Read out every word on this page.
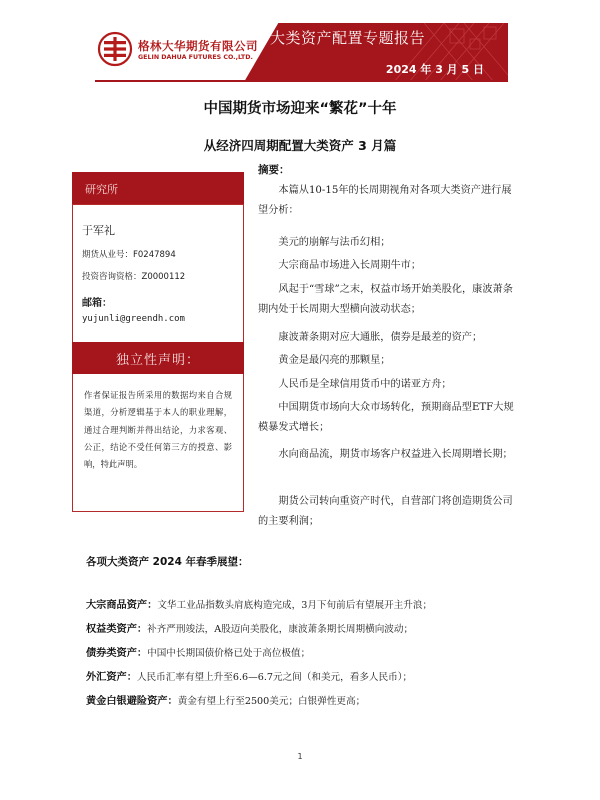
格林大华期货有限公司
GELIN DAHUA FUTURES CO.,LTD.
大类资产配置专题报告
2024 年 3 月 5 日
中国期货市场迎来“繁花”十年
从经济四周期配置大类资产 3 月篇
研究所
于军礼
期货从业号：F0247894
投资咨询资格：Z0000112
邮箱：
yujunli@greendh.com
独立性声明：
作者保证报告所采用的数据均来自合规渠道，分析逻辑基于本人的职业理解，通过合理判断并得出结论，力求客观、公正，结论不受任何第三方的授意、影响，特此声明。
摘要：
本篇从10-15年的长周期视角对各项大类资产进行展望分析：
美元的崩解与法币幻相；
大宗商品市场进入长周期牛市；
风起于“雪球”之末，权益市场开始美股化，康波萧条期内处于长周期大型横向波动状态；
康波萧条期对应大通胀，债券是最差的资产；
黄金是最闪亮的那颗星；
人民币是全球信用货币中的诺亚方舟；
中国期货市场向大众市场转化，预期商品型ETF大规模暴发式增长；
水向商品流，期货市场客户权益进入长周期增长期；
期货公司转向重资产时代，自营部门将创造期货公司的主要利润；
各项大类资产 2024 年春季展望：
大宗商品资产：文华工业品指数头肩底构造完成，3月下旬前后有望展开主升浪；
权益类资产：补齐严刑竣法，A股迈向美股化，康波萧条期长周期横向波动；
债券类资产：中国中长期国债价格已处于高位极值；
外汇资产：人民币汇率有望上升至6.6—6.7元之间（和美元，看多人民币）；
黄金白银避险资产：黄金有望上行至2500美元；白银弹性更高；
1
